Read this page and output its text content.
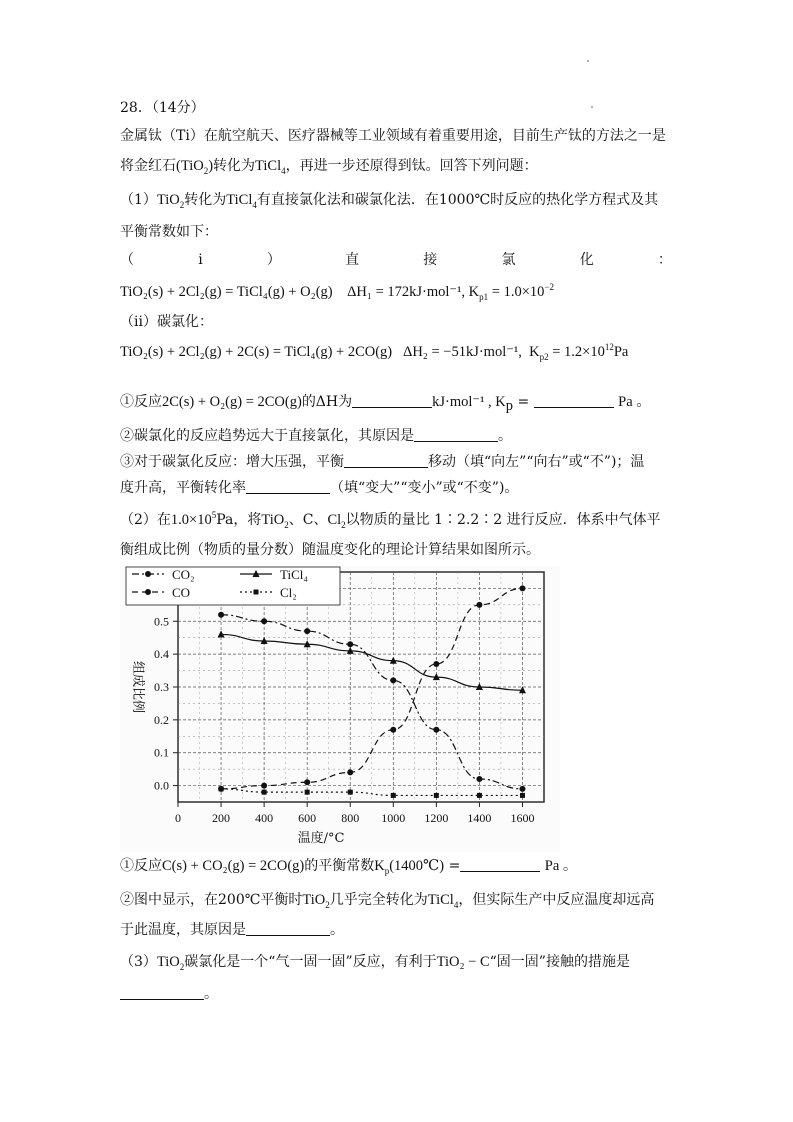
28．（14分）
金属钛（Ti）在航空航天、医疗器械等工业领域有着重要用途，目前生产钛的方法之一是
将金红石(TiO$_2$)转化为TiCl$_4$，再进一步还原得到钛。回答下列问题：
（1）TiO$_2$转化为TiCl$_4$有直接氯化法和碳氯化法．在1000℃时反应的热化学方程式及其
平衡常数如下：
（	i	）	直	接	氯	化	：
TiO₂(s) + 2Cl₂(g) = TiCl₄(g) + O₂(g) ΔH₁ = 172kJ·mol⁻¹, $K_{p1} = 1.0\times 10^{-2}$
（ii）碳氯化：
TiO₂(s) + 2Cl₂(g) + 2C(s) = TiCl₄(g) + 2CO(g) ΔH₂ = −51kJ·mol⁻¹, $K_{p2} = 1.2\times 10^{12}Pa$
①反应2C(s) + O₂(g) = 2CO(g)的ΔH为	kJ·mol⁻¹ , $K_p$ =	Pa 。
②碳氯化的反应趋势远大于直接氯化，其原因是	。
③对于碳氯化反应：增大压强，平衡	移动（填“向左”“向右”或“不”)；温
度升高，平衡转化率	（填“变大”“变小”或“不变”)。
（2）在$1.0\times 10^5Pa$，将TiO$_2$、C、$Cl_2$以物质的量比 1∶2.2∶2 进行反应．体系中气体平
衡组成比例（物质的量分数）随温度变化的理论计算结果如图所示。
0.0
0.1
0.2
0.3
0.4
0.5
0	200 400 600 800 1000 1200 1400 1600
温度/°C
组成比例
CO₂	TiCl₄
CO	Cl₂
①反应C(s) + CO₂(g) = 2CO(g)的平衡常数$K_p(1400℃)$ =	Pa 。
②图中显示，在200℃平衡时TiO$_2$几乎完全转化为TiCl$_4$，但实际生产中反应温度却远高
于此温度，其原因是	。
（3）TiO$_2$碳氯化是一个“气一固一固”反应，有利于TiO₂ − C“固一固”接触的措施是
。
